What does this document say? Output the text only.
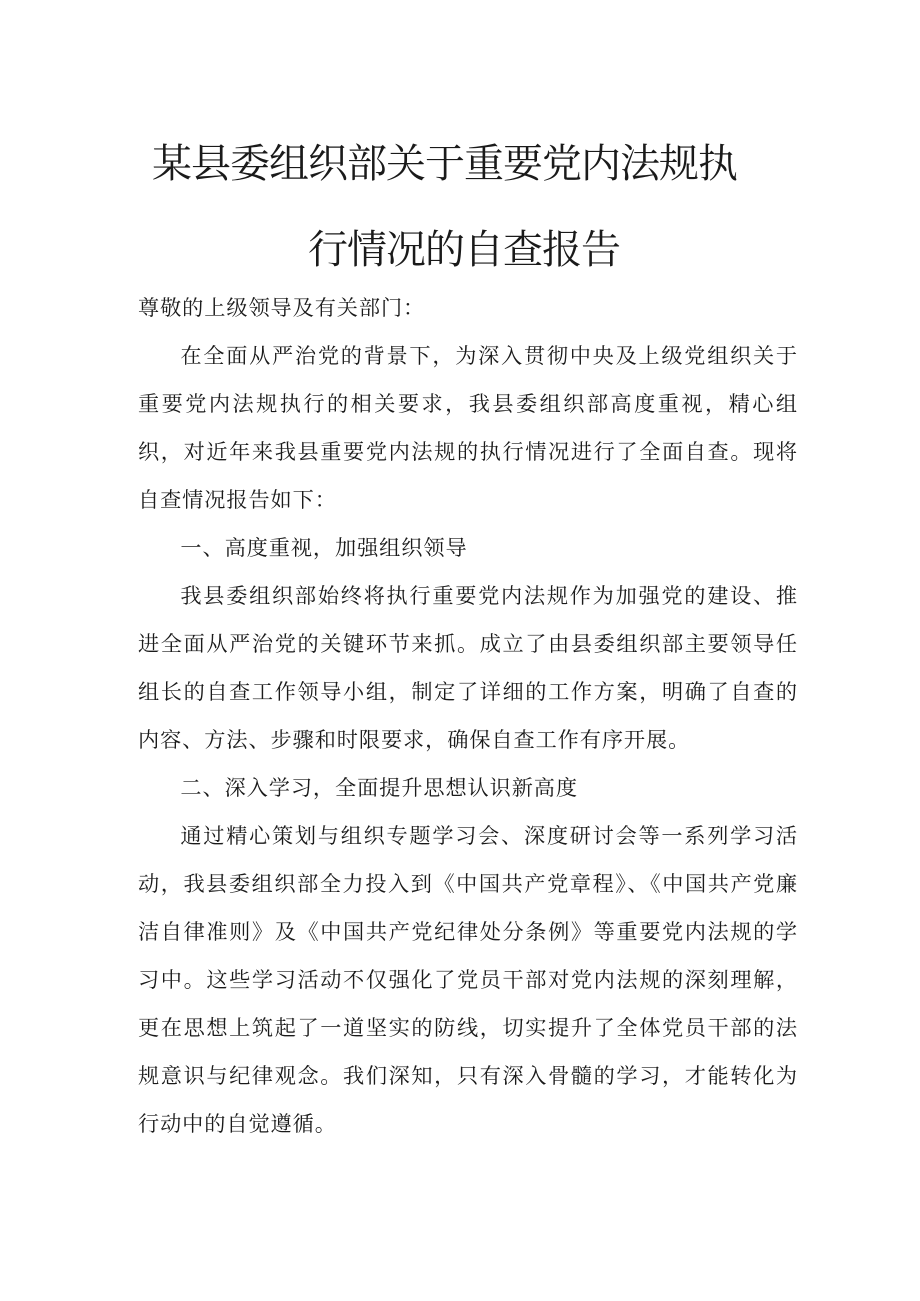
某县委组织部关于重要党内法规执
行情况的自查报告

尊敬的上级领导及有关部门：

在全面从严治党的背景下，为深入贯彻中央及上级党组织关于重要党内法规执行的相关要求，我县委组织部高度重视，精心组织，对近年来我县重要党内法规的执行情况进行了全面自查。现将自查情况报告如下：

一、高度重视，加强组织领导

我县委组织部始终将执行重要党内法规作为加强党的建设、推进全面从严治党的关键环节来抓。成立了由县委组织部主要领导任组长的自查工作领导小组，制定了详细的工作方案，明确了自查的内容、方法、步骤和时限要求，确保自查工作有序开展。

二、深入学习，全面提升思想认识新高度

通过精心策划与组织专题学习会、深度研讨会等一系列学习活动，我县委组织部全力投入到《中国共产党章程》、《中国共产党廉洁自律准则》及《中国共产党纪律处分条例》等重要党内法规的学习中。这些学习活动不仅强化了党员干部对党内法规的深刻理解，更在思想上筑起了一道坚实的防线，切实提升了全体党员干部的法规意识与纪律观念。我们深知，只有深入骨髓的学习，才能转化为行动中的自觉遵循。
